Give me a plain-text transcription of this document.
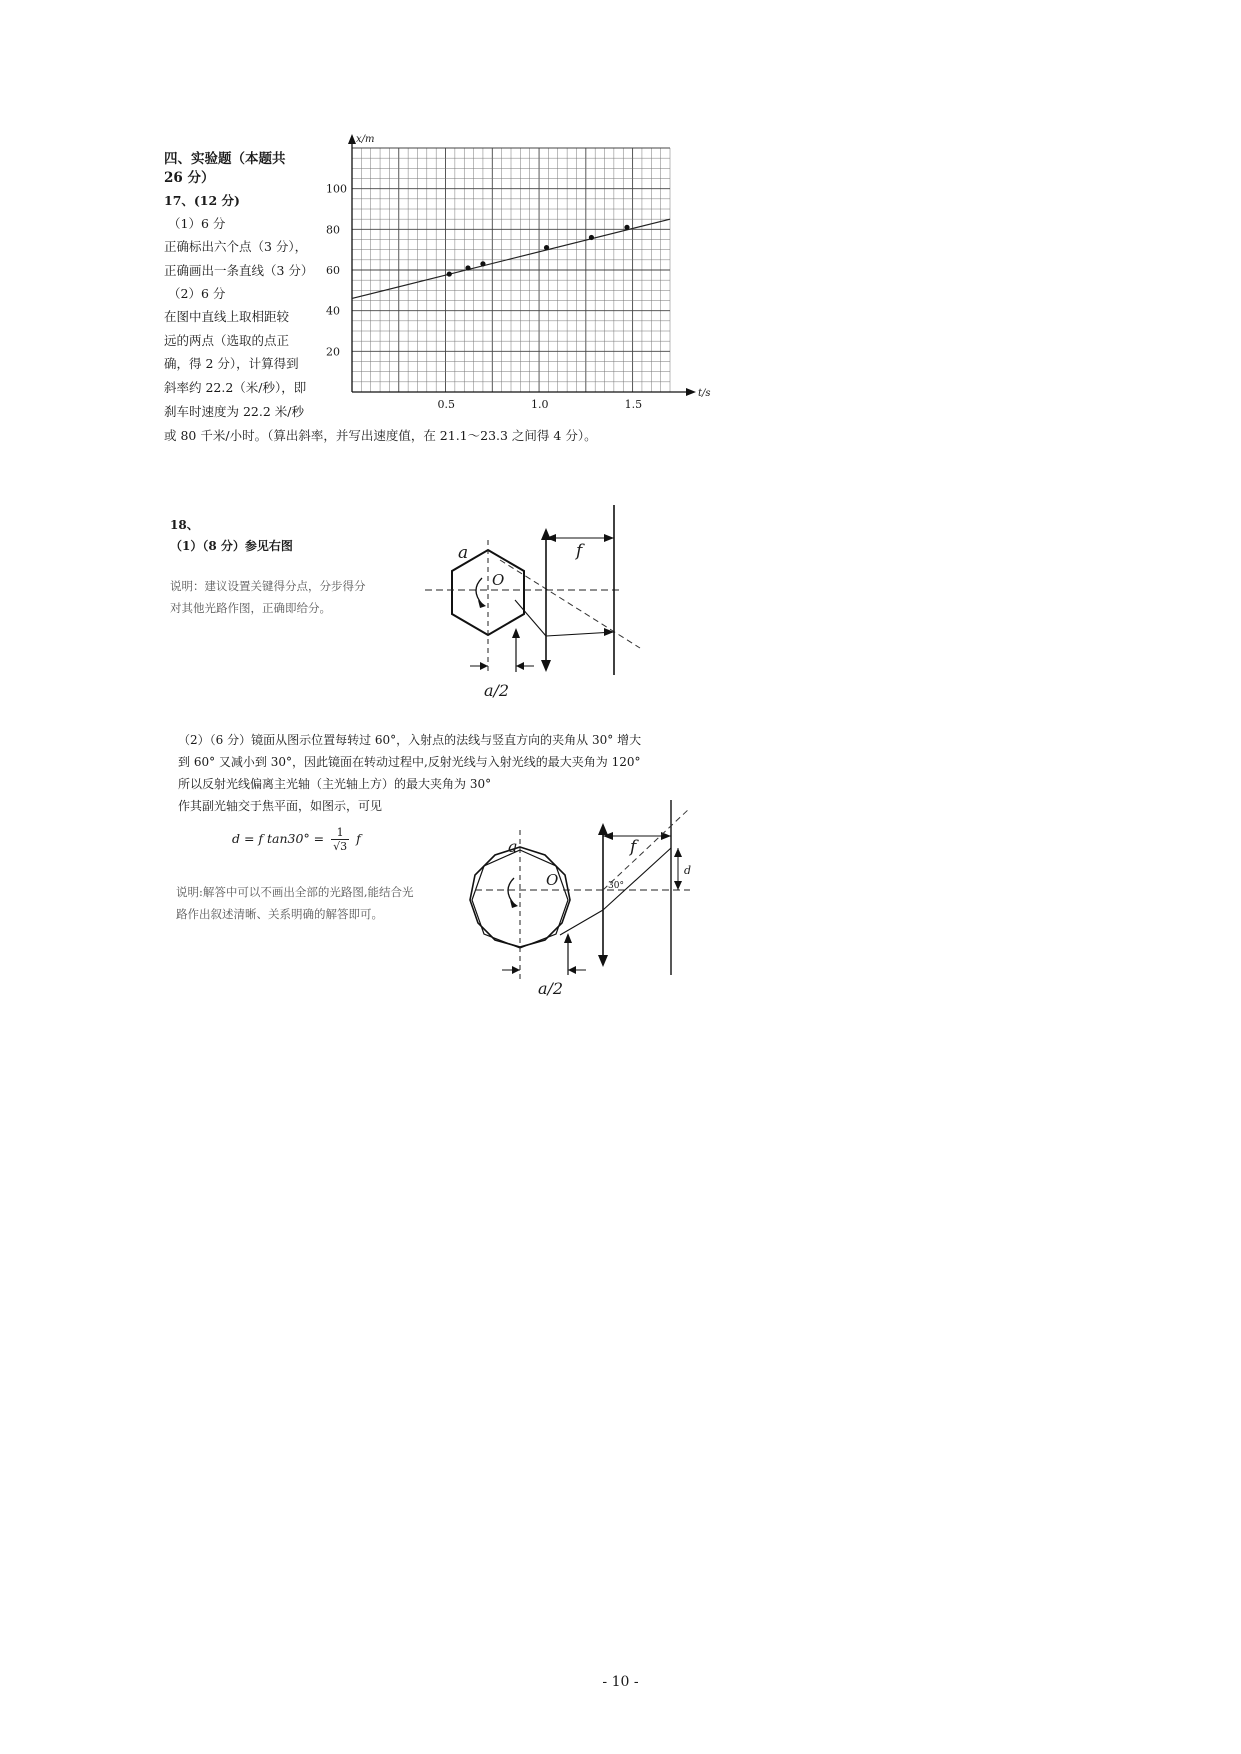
四、实验题（本题共
26 分）
17、(12 分)
（1）6 分
正确标出六个点（3 分），
正确画出一条直线（3 分）
（2）6 分
在图中直线上取相距较
远的两点（选取的点正
确，得 2 分），计算得到
斜率约 22.2（米/秒），即
刹车时速度为 22.2 米/秒
或 80 千米/小时。（算出斜率，并写出速度值，在 21.1～23.3 之间得 4 分）。
0.5	1.0	1.5
20
40
60
80
100
x/m
t/s
18、
（1）（8 分）参见右图
说明：建议设置关键得分点，分步得分
对其他光路作图，正确即给分。
f
a/2
a
O
（2）（6 分）镜面从图示位置每转过 60°，入射点的法线与竖直方向的夹角从 30° 增大
到 60° 又减小到 30°，因此镜面在转动过程中,反射光线与入射光线的最大夹角为 120°
所以反射光线偏离主光轴（主光轴上方）的最大夹角为 30°
作其副光轴交于焦平面，如图示，可见
d = f $\tan 30^\circ = \frac{1}{√3}$ f
说明:解答中可以不画出全部的光路图,能结合光
路作出叙述清晰、关系明确的解答即可。
f
d
30°
a/2
a
O
- 10 -
